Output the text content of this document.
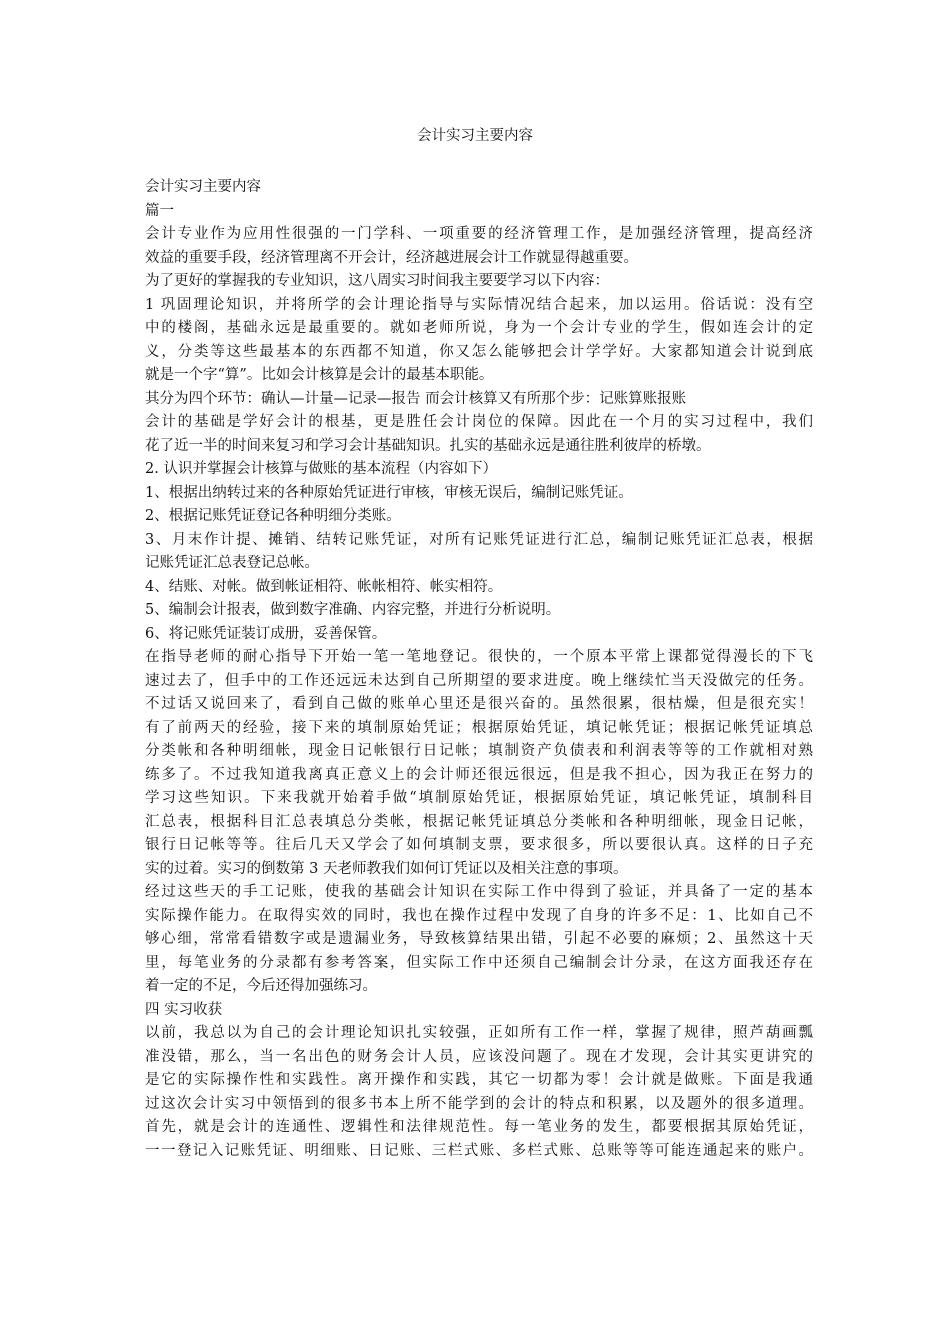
会计实习主要内容
会计实习主要内容
篇一
会计专业作为应用性很强的一门学科、一项重要的经济管理工作，是加强经济管理，提高经济
效益的重要手段，经济管理离不开会计，经济越进展会计工作就显得越重要。
为了更好的掌握我的专业知识，这八周实习时间我主要要学习以下内容：
1 巩固理论知识，并将所学的会计理论指导与实际情况结合起来，加以运用。俗话说：没有空
中的楼阁，基础永远是最重要的。就如老师所说，身为一个会计专业的学生，假如连会计的定
义，分类等这些最基本的东西都不知道，你又怎么能够把会计学学好。大家都知道会计说到底
就是一个字“算”。比如会计核算是会计的最基本职能。
其分为四个环节：确认—计量—记录—报告 而会计核算又有所那个步：记账算账报账
会计的基础是学好会计的根基，更是胜任会计岗位的保障。因此在一个月的实习过程中，我们
花了近一半的时间来复习和学习会计基础知识。扎实的基础永远是通往胜利彼岸的桥墩。
2. 认识并掌握会计核算与做账的基本流程（内容如下）
1、根据出纳转过来的各种原始凭证进行审核，审核无误后，编制记账凭证。
2、根据记账凭证登记各种明细分类账。
3、月末作计提、摊销、结转记账凭证，对所有记账凭证进行汇总，编制记账凭证汇总表，根据
记账凭证汇总表登记总帐。
4、结账、对帐。做到帐证相符、帐帐相符、帐实相符。
5、编制会计报表，做到数字准确、内容完整，并进行分析说明。
6、将记账凭证装订成册，妥善保管。
在指导老师的耐心指导下开始一笔一笔地登记。很快的，一个原本平常上课都觉得漫长的下飞
速过去了，但手中的工作还远远未达到自己所期望的要求进度。晚上继续忙当天没做完的任务。
不过话又说回来了，看到自己做的账单心里还是很兴奋的。虽然很累，很枯燥，但是很充实！
有了前两天的经验，接下来的填制原始凭证；根据原始凭证，填记帐凭证；根据记帐凭证填总
分类帐和各种明细帐，现金日记帐银行日记帐；填制资产负债表和利润表等等的工作就相对熟
练多了。不过我知道我离真正意义上的会计师还很远很远，但是我不担心，因为我正在努力的
学习这些知识。下来我就开始着手做“填制原始凭证，根据原始凭证，填记帐凭证，填制科目
汇总表，根据科目汇总表填总分类帐，根据记帐凭证填总分类帐和各种明细帐，现金日记帐，
银行日记帐等等。往后几天又学会了如何填制支票，要求很多，所以要很认真。这样的日子充
实的过着。实习的倒数第 3 天老师教我们如何订凭证以及相关注意的事项。
经过这些天的手工记账，使我的基础会计知识在实际工作中得到了验证，并具备了一定的基本
实际操作能力。在取得实效的同时，我也在操作过程中发现了自身的许多不足：1、比如自己不
够心细，常常看错数字或是遗漏业务，导致核算结果出错，引起不必要的麻烦；2、虽然这十天
里，每笔业务的分录都有参考答案，但实际工作中还须自己编制会计分录，在这方面我还存在
着一定的不足，今后还得加强练习。
四 实习收获
以前，我总以为自己的会计理论知识扎实较强，正如所有工作一样，掌握了规律，照芦葫画瓢
准没错，那么，当一名出色的财务会计人员，应该没问题了。现在才发现，会计其实更讲究的
是它的实际操作性和实践性。离开操作和实践，其它一切都为零！会计就是做账。下面是我通
过这次会计实习中领悟到的很多书本上所不能学到的会计的特点和积累，以及题外的很多道理。
首先，就是会计的连通性、逻辑性和法律规范性。每一笔业务的发生，都要根据其原始凭证，
一一登记入记账凭证、明细账、日记账、三栏式账、多栏式账、总账等等可能连通起来的账户。
